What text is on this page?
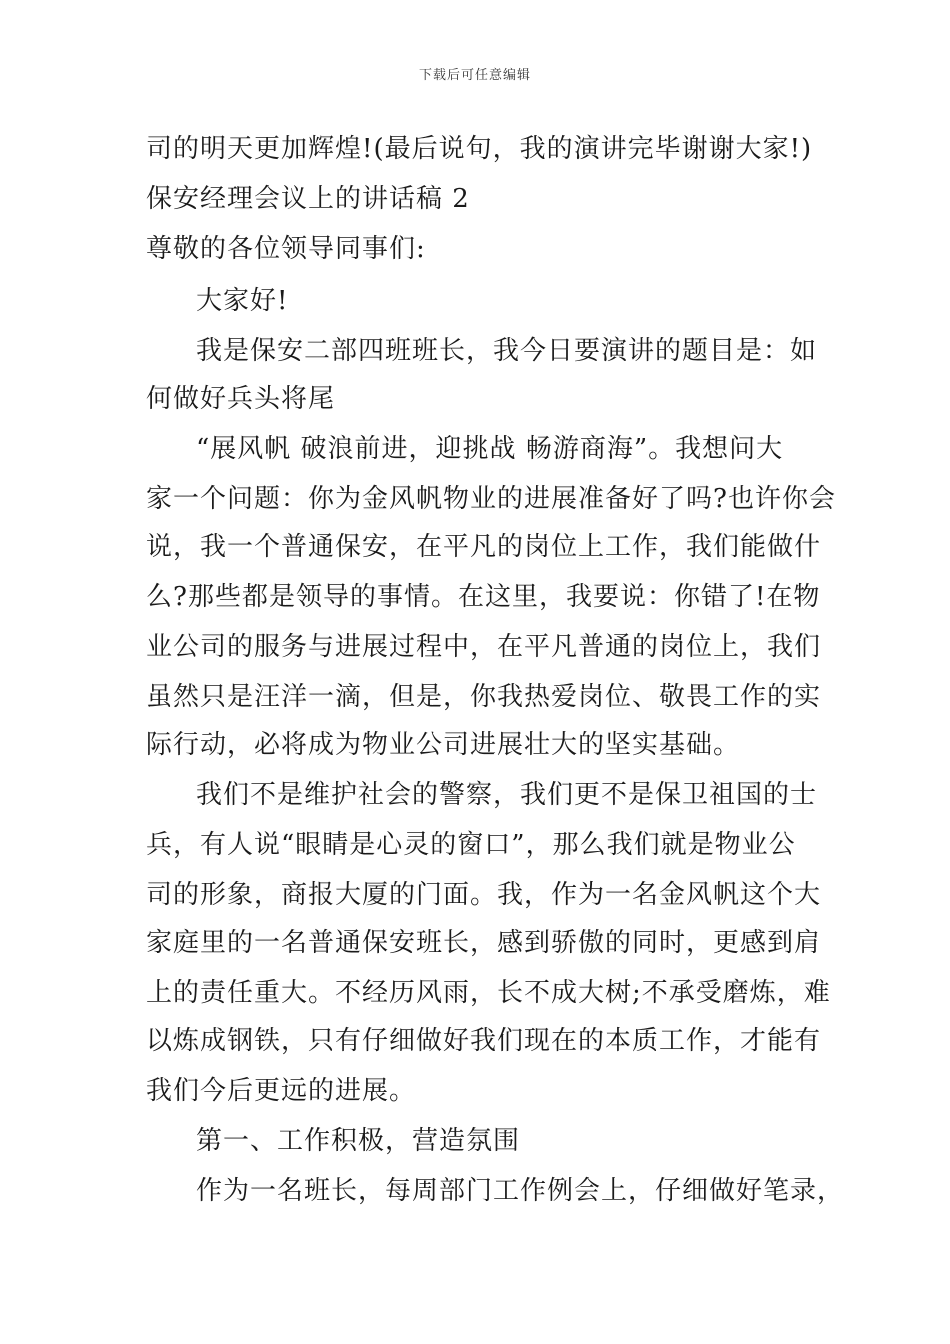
下载后可任意编辑
司的明天更加辉煌!(最后说句，我的演讲完毕谢谢大家!)
保安经理会议上的讲话稿 2
尊敬的各位领导同事们:
大家好!
我是保安二部四班班长，我今日要演讲的题目是：如
何做好兵头将尾
“展风帆 破浪前进，迎挑战 畅游商海”。我想问大
家一个问题：你为金风帆物业的进展准备好了吗?也许你会
说，我一个普通保安，在平凡的岗位上工作，我们能做什
么?那些都是领导的事情。在这里，我要说：你错了!在物
业公司的服务与进展过程中，在平凡普通的岗位上，我们
虽然只是汪洋一滴，但是，你我热爱岗位、敬畏工作的实
际行动，必将成为物业公司进展壮大的坚实基础。
我们不是维护社会的警察，我们更不是保卫祖国的士
兵，有人说“眼睛是心灵的窗口”，那么我们就是物业公
司的形象，商报大厦的门面。我，作为一名金风帆这个大
家庭里的一名普通保安班长，感到骄傲的同时，更感到肩
上的责任重大。不经历风雨，长不成大树;不承受磨炼，难
以炼成钢铁，只有仔细做好我们现在的本质工作，才能有
我们今后更远的进展。
第一、工作积极，营造氛围
作为一名班长，每周部门工作例会上，仔细做好笔录，
